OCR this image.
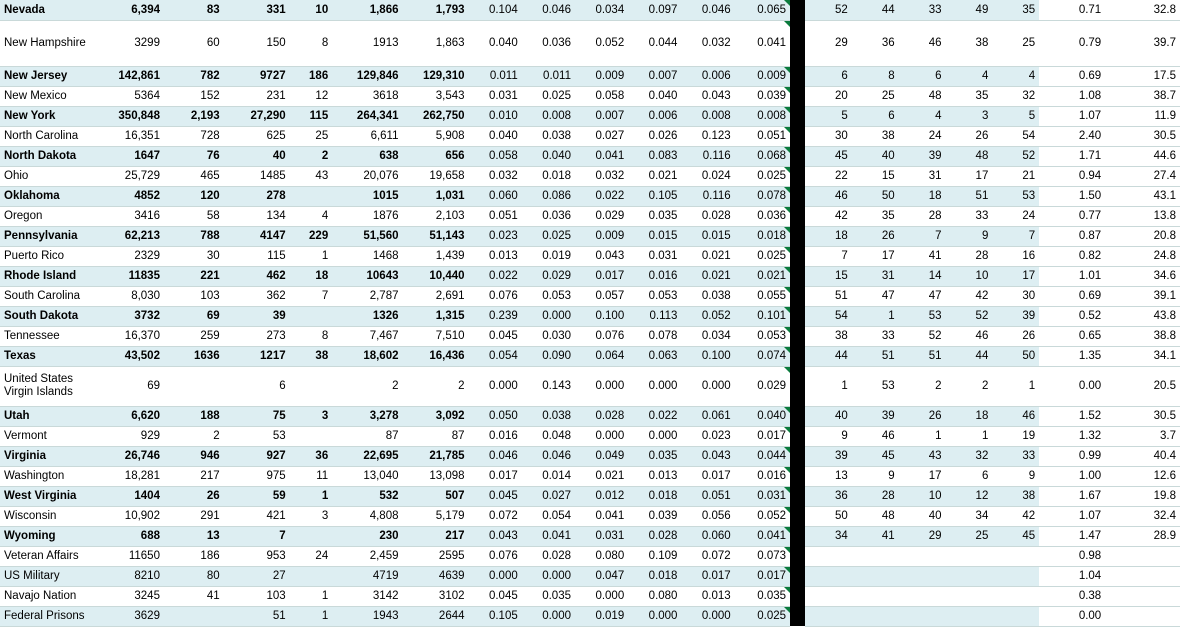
Nevada	6,394	83	331	10	1,866	1,793	0.104	0.046	0.034	0.097	0.046	0.065		52	44	33	49	35	0.71	32.8
New Hampshire	3299	60	150	8	1913	1,863	0.040	0.036	0.052	0.044	0.032	0.041		29	36	46	38	25	0.79	39.7
New Jersey	142,861	782	9727	186	129,846	129,310	0.011	0.011	0.009	0.007	0.006	0.009		6	8	6	4	4	0.69	17.5
New Mexico	5364	152	231	12	3618	3,543	0.031	0.025	0.058	0.040	0.043	0.039		20	25	48	35	32	1.08	38.7
New York	350,848	2,193	27,290	115	264,341	262,750	0.010	0.008	0.007	0.006	0.008	0.008		5	6	4	3	5	1.07	11.9
North Carolina	16,351	728	625	25	6,611	5,908	0.040	0.038	0.027	0.026	0.123	0.051		30	38	24	26	54	2.40	30.5
North Dakota	1647	76	40	2	638	656	0.058	0.040	0.041	0.083	0.116	0.068		45	40	39	48	52	1.71	44.6
Ohio	25,729	465	1485	43	20,076	19,658	0.032	0.018	0.032	0.021	0.024	0.025		22	15	31	17	21	0.94	27.4
Oklahoma	4852	120	278		1015	1,031	0.060	0.086	0.022	0.105	0.116	0.078		46	50	18	51	53	1.50	43.1
Oregon	3416	58	134	4	1876	2,103	0.051	0.036	0.029	0.035	0.028	0.036		42	35	28	33	24	0.77	13.8
Pennsylvania	62,213	788	4147	229	51,560	51,143	0.023	0.025	0.009	0.015	0.015	0.018		18	26	7	9	7	0.87	20.8
Puerto Rico	2329	30	115	1	1468	1,439	0.013	0.019	0.043	0.031	0.021	0.025		7	17	41	28	16	0.82	24.8
Rhode Island	11835	221	462	18	10643	10,440	0.022	0.029	0.017	0.016	0.021	0.021		15	31	14	10	17	1.01	34.6
South Carolina	8,030	103	362	7	2,787	2,691	0.076	0.053	0.057	0.053	0.038	0.055		51	47	47	42	30	0.69	39.1
South Dakota	3732	69	39		1326	1,315	0.239	0.000	0.100	0.113	0.052	0.101		54	1	53	52	39	0.52	43.8
Tennessee	16,370	259	273	8	7,467	7,510	0.045	0.030	0.076	0.078	0.034	0.053		38	33	52	46	26	0.65	38.8
Texas	43,502	1636	1217	38	18,602	16,436	0.054	0.090	0.064	0.063	0.100	0.074		44	51	51	44	50	1.35	34.1
United States Virgin Islands	69		6		2	2	0.000	0.143	0.000	0.000	0.000	0.029		1	53	2	2	1	0.00	20.5
Utah	6,620	188	75	3	3,278	3,092	0.050	0.038	0.028	0.022	0.061	0.040		40	39	26	18	46	1.52	30.5
Vermont	929	2	53		87	87	0.016	0.048	0.000	0.000	0.023	0.017		9	46	1	1	19	1.32	3.7
Virginia	26,746	946	927	36	22,695	21,785	0.046	0.046	0.049	0.035	0.043	0.044		39	45	43	32	33	0.99	40.4
Washington	18,281	217	975	11	13,040	13,098	0.017	0.014	0.021	0.013	0.017	0.016		13	9	17	6	9	1.00	12.6
West Virginia	1404	26	59	1	532	507	0.045	0.027	0.012	0.018	0.051	0.031		36	28	10	12	38	1.67	19.8
Wisconsin	10,902	291	421	3	4,808	5,179	0.072	0.054	0.041	0.039	0.056	0.052		50	48	40	34	42	1.07	32.4
Wyoming	688	13	7		230	217	0.043	0.041	0.031	0.028	0.060	0.041		34	41	29	25	45	1.47	28.9
Veteran Affairs	11650	186	953	24	2,459	2595	0.076	0.028	0.080	0.109	0.072	0.073							0.98	
US Military	8210	80	27		4719	4639	0.000	0.000	0.047	0.018	0.017	0.017							1.04	
Navajo Nation	3245	41	103	1	3142	3102	0.045	0.035	0.000	0.080	0.013	0.035							0.38	
Federal Prisons	3629		51	1	1943	2644	0.105	0.000	0.019	0.000	0.000	0.025							0.00	
